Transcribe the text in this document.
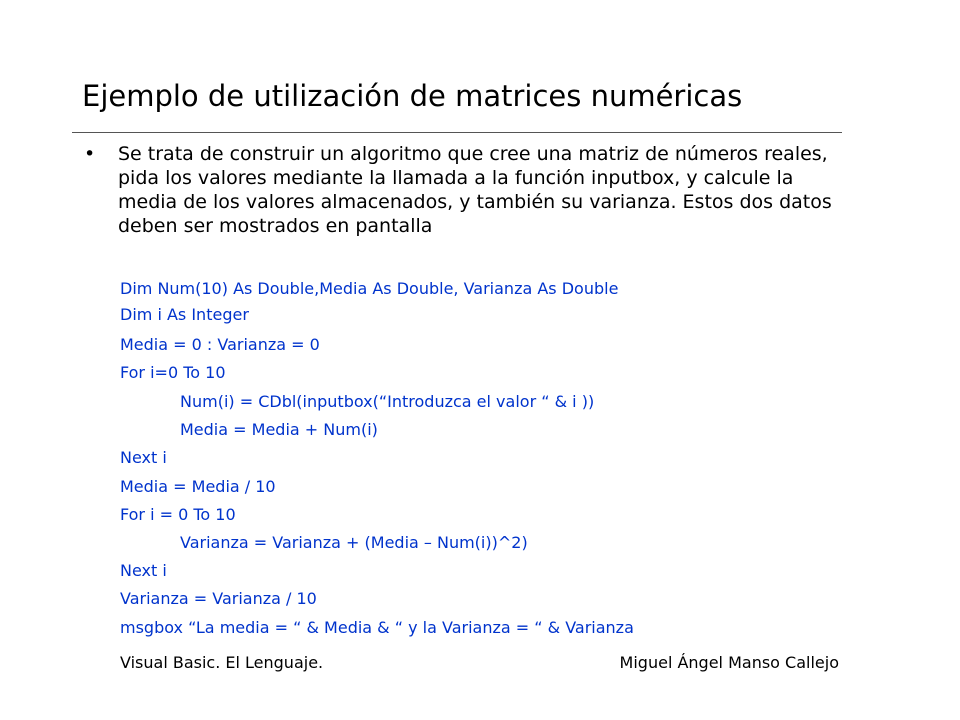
Ejemplo de utilización de matrices numéricas
• Se trata de construir un algoritmo que cree una matriz de números reales, pida los valores mediante la llamada a la función inputbox, y calcule la media de los valores almacenados, y también su varianza. Estos dos datos deben ser mostrados en pantalla
Dim Num(10) As Double,Media As Double, Varianza As Double
Dim i As Integer
Media = 0 : Varianza = 0
For i=0 To 10
Num(i) = CDbl(inputbox(“Introduzca el valor “ & i ))
Media = Media + Num(i)
Next i
Media = Media / 10
For i = 0 To 10
Varianza = Varianza + (Media – Num(i))^2)
Next i
Varianza = Varianza / 10
msgbox “La media = “ & Media & “ y la Varianza = “ & Varianza
Visual Basic. El Lenguaje.	Miguel Ángel Manso Callejo
